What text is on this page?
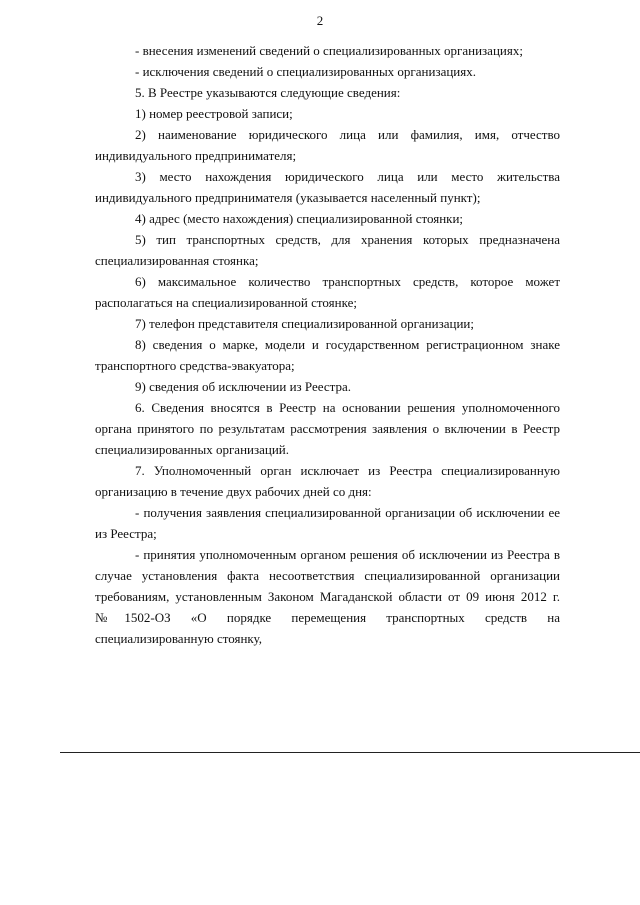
2

- внесения изменений сведений о специализированных организациях;

- исключения сведений о специализированных организациях.

5. В Реестре указываются следующие сведения:

1) номер реестровой записи;

2) наименование юридического лица или фамилия, имя, отчество индивидуального предпринимателя;

3) место нахождения юридического лица или место жительства индивидуального предпринимателя (указывается населенный пункт);

4) адрес (место нахождения) специализированной стоянки;

5) тип транспортных средств, для хранения которых предназначена специализированная стоянка;

6) максимальное количество транспортных средств, которое может располагаться на специализированной стоянке;

7) телефон представителя специализированной организации;

8) сведения о марке, модели и государственном регистрационном знаке транспортного средства-эвакуатора;

9) сведения об исключении из Реестра.

6. Сведения вносятся в Реестр на основании решения уполномоченного органа принятого по результатам рассмотрения заявления о включении в Реестр специализированных организаций.

7. Уполномоченный орган исключает из Реестра специализированную организацию в течение двух рабочих дней со дня:

- получения заявления специализированной организации об исключении ее из Реестра;

- принятия уполномоченным органом решения об исключении из Реестра в случае установления факта несоответствия специализированной организации требованиям, установленным Законом Магаданской области от 09 июня 2012 г. №1502-ОЗ «О порядке перемещения транспортных средств на специализированную стоянку,
